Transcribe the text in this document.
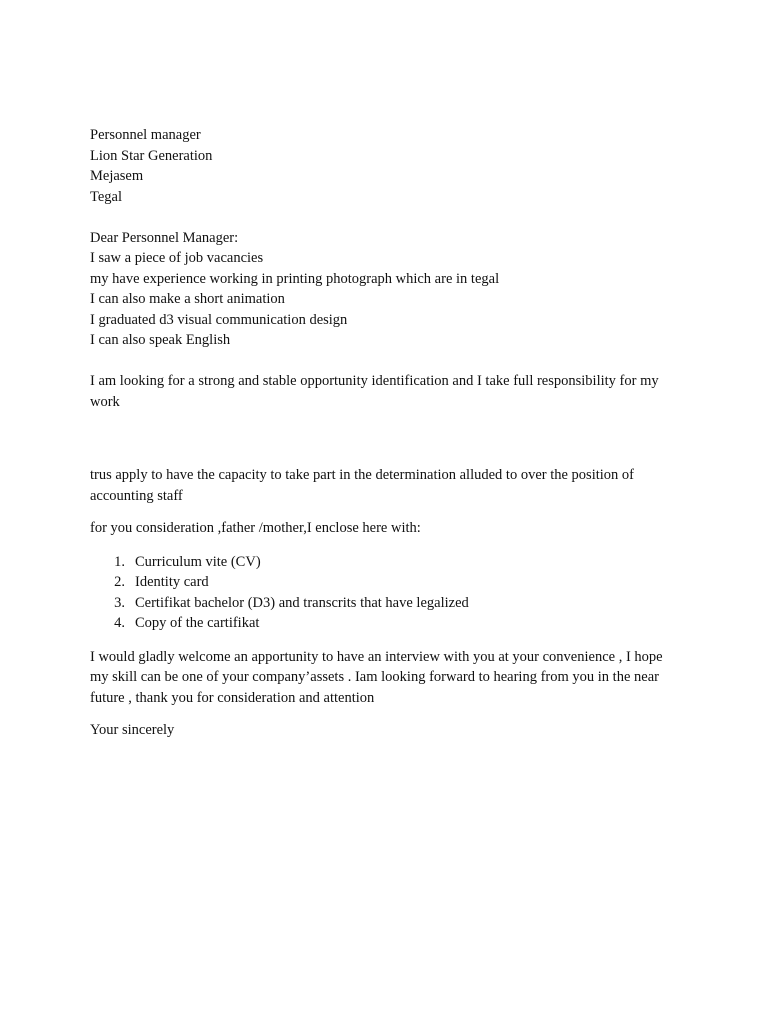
Personnel manager
Lion Star Generation
Mejasem
Tegal
Dear Personnel Manager:
I saw a piece of job vacancies
my have experience working in printing photograph which are in tegal
I can also make a short animation
I graduated d3 visual communication design
I can also speak English
I am looking for a strong and stable opportunity identification and I take full responsibility for my work
trus apply to have the capacity to take part in the determination alluded to over the position of accounting staff
for you consideration ,father /mother,I enclose here with:
1. Curriculum vite (CV)
2. Identity card
3. Certifikat bachelor (D3) and transcrits that have legalized
4. Copy of the cartifikat
I would gladly welcome an apportunity to have an interview with you at your convenience , I hope my skill can be one of your company’assets . Iam looking forward to hearing from you in the near future , thank you for consideration and attention
Your sincerely
